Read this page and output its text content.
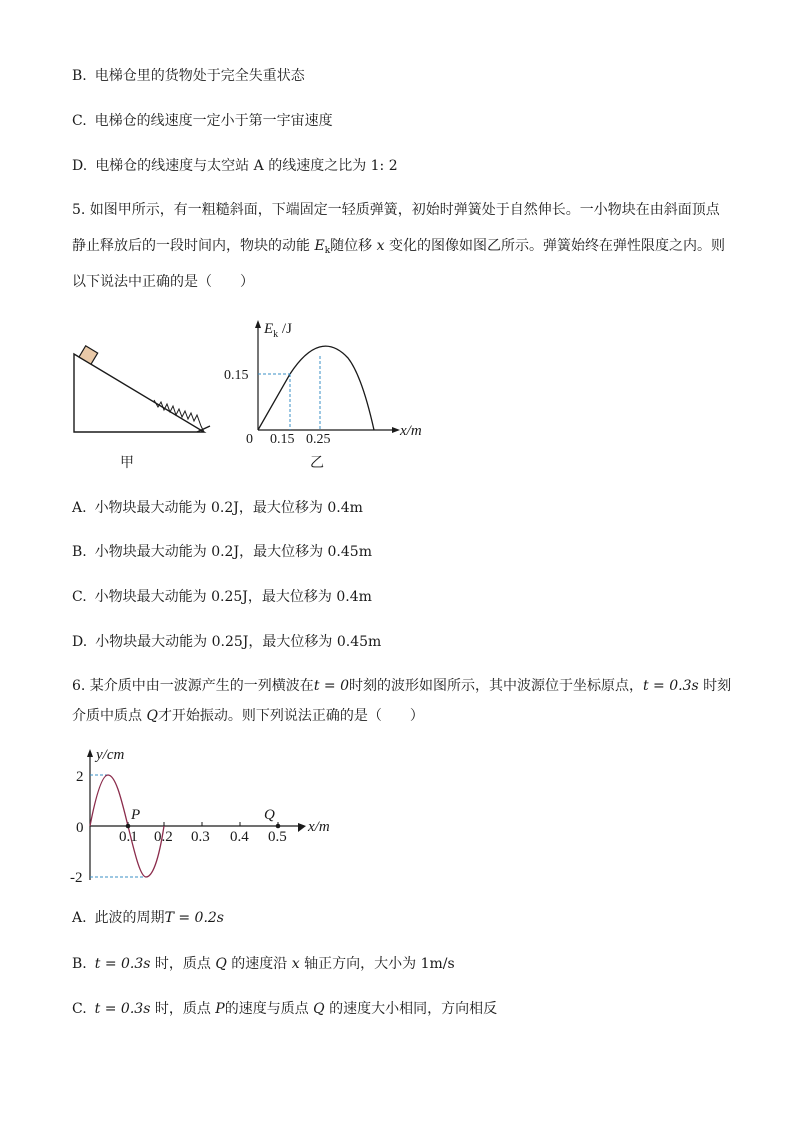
B. 电梯仓里的货物处于完全失重状态
C. 电梯仓的线速度一定小于第一宇宙速度
D. 电梯仓的线速度与太空站 A 的线速度之比为 1: 2
5. 如图甲所示，有一粗糙斜面，下端固定一轻质弹簧，初始时弹簧处于自然伸长。一小物块在由斜面顶点
静止释放后的一段时间内，物块的动能 $E_k$随位移 x 变化的图像如图乙所示。弹簧始终在弹性限度之内。则
以下说法中正确的是（　　）
甲
0.15
0 0.15 0.25
x/m
$E_k$ /J
乙
A. 小物块最大动能为 0.2J，最大位移为 0.4m
B. 小物块最大动能为 0.2J，最大位移为 0.45m
C. 小物块最大动能为 0.25J，最大位移为 0.4m
D. 小物块最大动能为 0.25J，最大位移为 0.45m
6. 某介质中由一波源产生的一列横波在t = 0时刻的波形如图所示，其中波源位于坐标原点，t = 0.3s 时刻
介质中质点 Q才开始振动。则下列说法正确的是（　　）
P	Q
2
0
-2
0.1 0.2 0.3 0.4 0.5
x/m
y/cm
A. 此波的周期T = 0.2s
B. t = 0.3s 时，质点 Q 的速度沿 x 轴正方向，大小为 1m/s
C. t = 0.3s 时，质点 P的速度与质点 Q 的速度大小相同，方向相反
